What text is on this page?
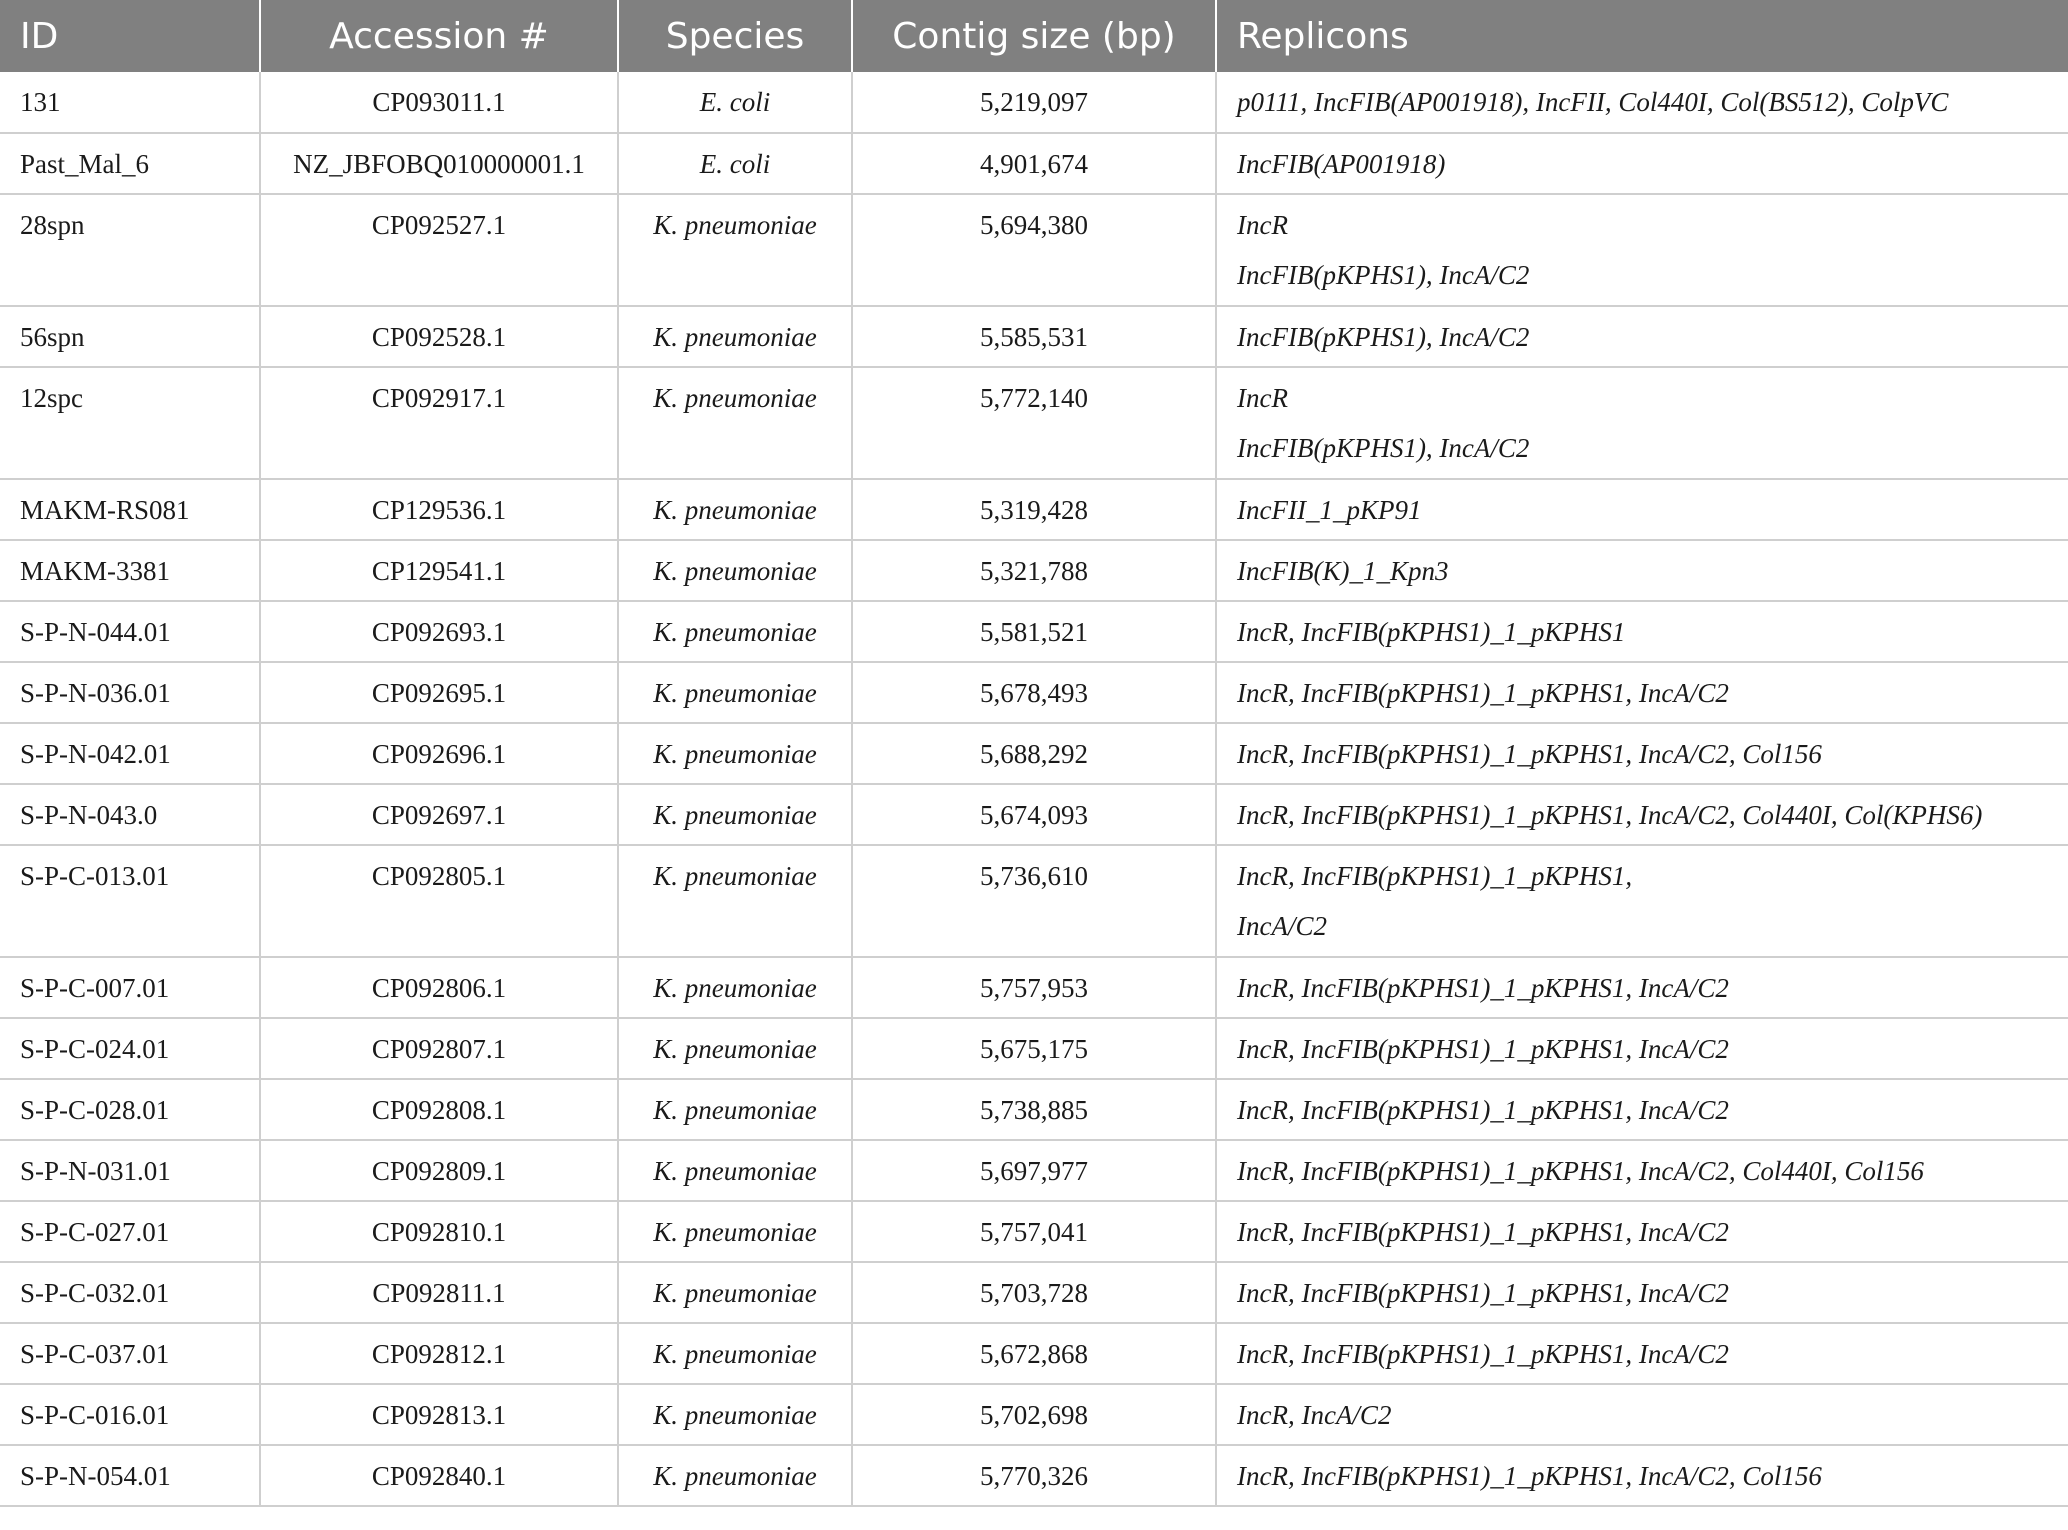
ID	Accession #	Species	Contig size (bp)	Replicons

131	CP093011.1	E. coli	5,219,097	p0111, IncFIB(AP001918), IncFII, Col440I, Col(BS512), ColpVC

Past_Mal_6	NZ_JBFOBQ010000001.1	E. coli	4,901,674	IncFIB(AP001918)

28spn	CP092527.1	K. pneumoniae	5,694,380	IncR
IncFIB(pKPHS1), IncA/C2

56spn	CP092528.1	K. pneumoniae	5,585,531	IncFIB(pKPHS1), IncA/C2

12spc	CP092917.1	K. pneumoniae	5,772,140	IncR
IncFIB(pKPHS1), IncA/C2

MAKM-RS081	CP129536.1	K. pneumoniae	5,319,428	IncFII_1_pKP91

MAKM-3381	CP129541.1	K. pneumoniae	5,321,788	IncFIB(K)_1_Kpn3

S-P-N-044.01	CP092693.1	K. pneumoniae	5,581,521	IncR, IncFIB(pKPHS1)_1_pKPHS1

S-P-N-036.01	CP092695.1	K. pneumoniae	5,678,493	IncR, IncFIB(pKPHS1)_1_pKPHS1, IncA/C2

S-P-N-042.01	CP092696.1	K. pneumoniae	5,688,292	IncR, IncFIB(pKPHS1)_1_pKPHS1, IncA/C2, Col156

S-P-N-043.0	CP092697.1	K. pneumoniae	5,674,093	IncR, IncFIB(pKPHS1)_1_pKPHS1, IncA/C2, Col440I, Col(KPHS6)

S-P-C-013.01	CP092805.1	K. pneumoniae	5,736,610	IncR, IncFIB(pKPHS1)_1_pKPHS1,
IncA/C2

S-P-C-007.01	CP092806.1	K. pneumoniae	5,757,953	IncR, IncFIB(pKPHS1)_1_pKPHS1, IncA/C2

S-P-C-024.01	CP092807.1	K. pneumoniae	5,675,175	IncR, IncFIB(pKPHS1)_1_pKPHS1, IncA/C2

S-P-C-028.01	CP092808.1	K. pneumoniae	5,738,885	IncR, IncFIB(pKPHS1)_1_pKPHS1, IncA/C2

S-P-N-031.01	CP092809.1	K. pneumoniae	5,697,977	IncR, IncFIB(pKPHS1)_1_pKPHS1, IncA/C2, Col440I, Col156

S-P-C-027.01	CP092810.1	K. pneumoniae	5,757,041	IncR, IncFIB(pKPHS1)_1_pKPHS1, IncA/C2

S-P-C-032.01	CP092811.1	K. pneumoniae	5,703,728	IncR, IncFIB(pKPHS1)_1_pKPHS1, IncA/C2

S-P-C-037.01	CP092812.1	K. pneumoniae	5,672,868	IncR, IncFIB(pKPHS1)_1_pKPHS1, IncA/C2

S-P-C-016.01	CP092813.1	K. pneumoniae	5,702,698	IncR, IncA/C2

S-P-N-054.01	CP092840.1	K. pneumoniae	5,770,326	IncR, IncFIB(pKPHS1)_1_pKPHS1, IncA/C2, Col156
